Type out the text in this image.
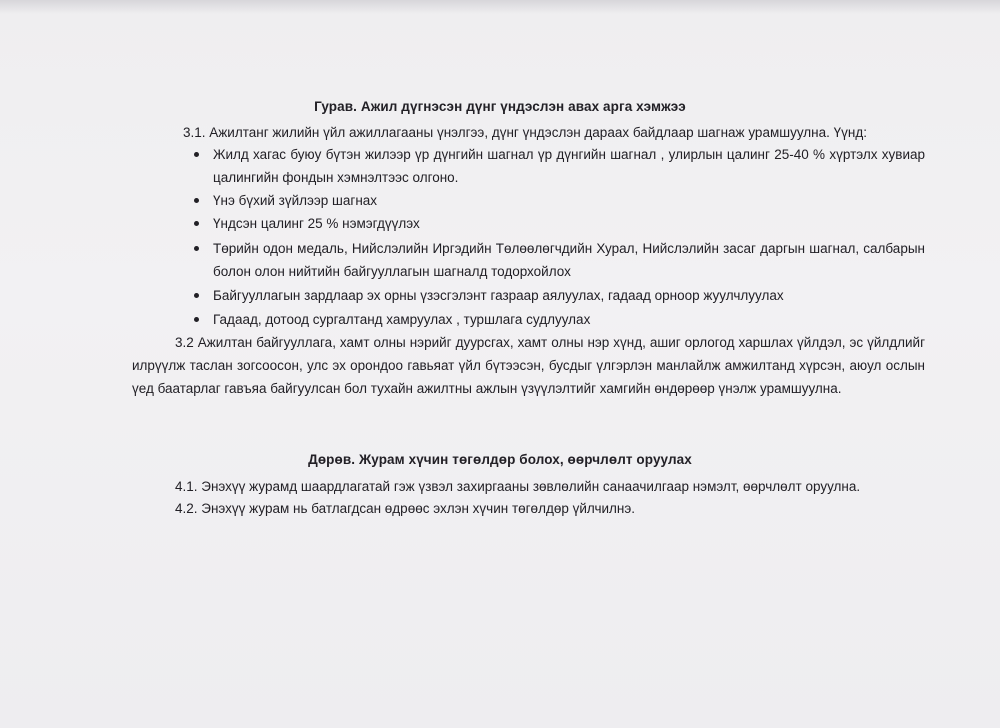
Гурав. Ажил дүгнэсэн дүнг үндэслэн авах арга хэмжээ

3.1. Ажилтанг жилийн үйл ажиллагааны үнэлгээ, дүнг үндэслэн дараах байдлаар шагнаж урамшуулна. Үүнд:

Жилд хагас буюу бүтэн жилээр үр дүнгийн шагнал үр дүнгийн шагнал , улирлын цалинг 25-40 % хүртэлх хувиар цалингийн фондын хэмнэлтээс олгоно.

Үнэ бүхий зүйлээр шагнах

Үндсэн цалинг 25 % нэмэгдүүлэх

Төрийн одон медаль, Нийслэлийн Иргэдийн Төлөөлөгчдийн Хурал, Нийслэлийн засаг даргын шагнал, салбарын болон олон нийтийн байгууллагын шагналд тодорхойлох

Байгууллагын зардлаар эх орны үзэсгэлэнт газраар аялуулах, гадаад орноор жуулчлуулах

Гадаад, дотоод сургалтанд хамруулах , туршлага судлуулах

3.2 Ажилтан байгууллага, хамт олны нэрийг дуурсгах, хамт олны нэр хүнд, ашиг орлогод харшлах үйлдэл, эс үйлдлийг илрүүлж таслан зогсоосон, улс эх орондоо гавьяат үйл бүтээсэн, бусдыг үлгэрлэн манлайлж амжилтанд хүрсэн, аюул ослын үед баатарлаг гавъяа байгуулсан бол тухайн ажилтны ажлын үзүүлэлтийг хамгийн өндөрөөр үнэлж урамшуулна.

Дөрөв. Журам хүчин төгөлдөр болох, өөрчлөлт оруулах

4.1. Энэхүү журамд шаардлагатай гэж үзвэл захиргааны зөвлөлийн санаачилгаар нэмэлт, өөрчлөлт оруулна.

4.2. Энэхүү журам нь батлагдсан өдрөөс эхлэн хүчин төгөлдөр үйлчилнэ.
